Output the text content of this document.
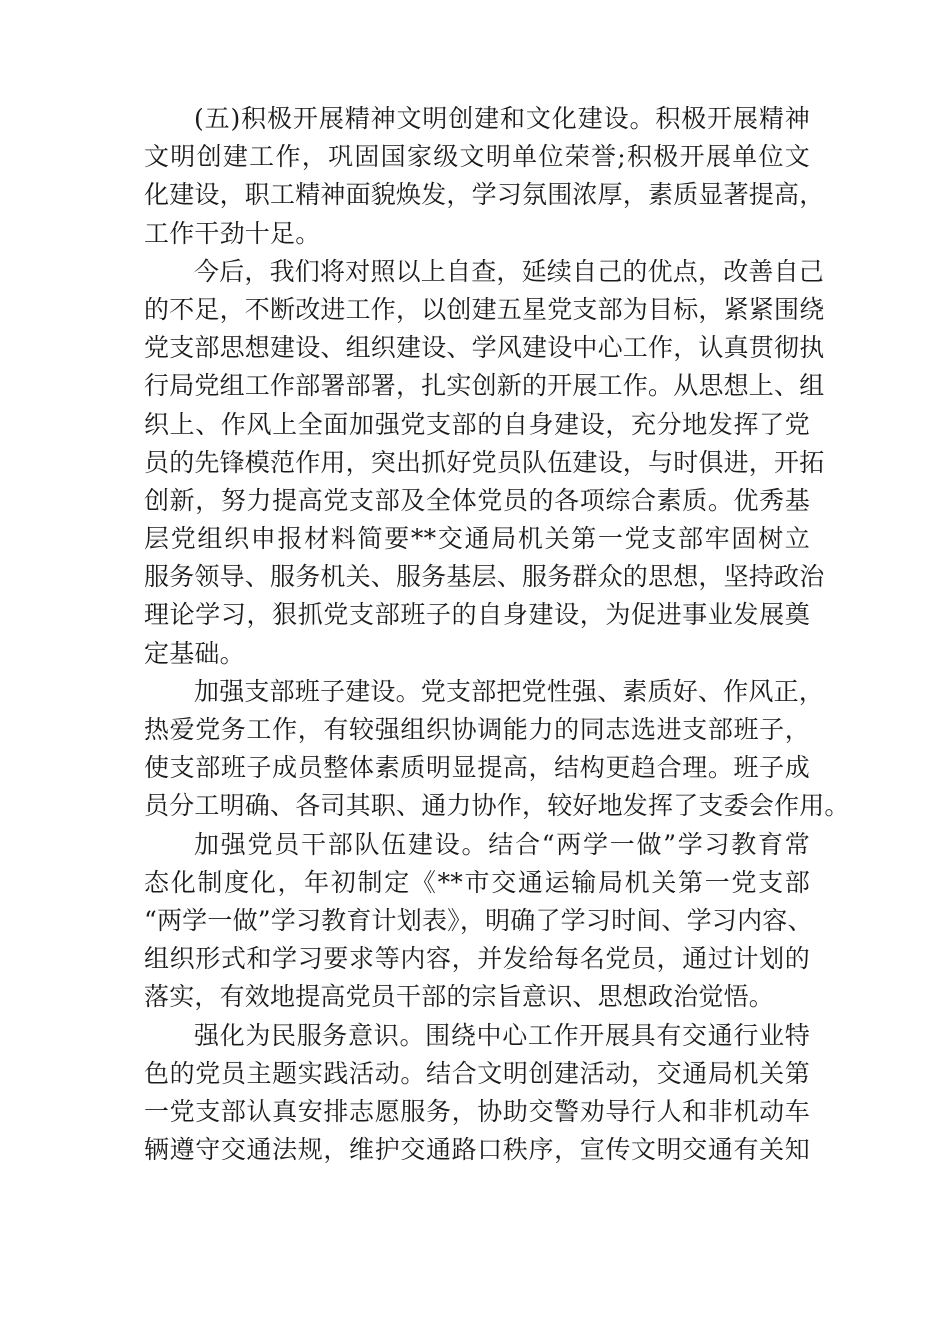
(五)积极开展精神文明创建和文化建设。积极开展精神
文明创建工作，巩固国家级文明单位荣誉;积极开展单位文
化建设，职工精神面貌焕发，学习氛围浓厚，素质显著提高，
工作干劲十足。
今后，我们将对照以上自查，延续自己的优点，改善自己
的不足，不断改进工作，以创建五星党支部为目标，紧紧围绕
党支部思想建设、组织建设、学风建设中心工作，认真贯彻执
行局党组工作部署部署，扎实创新的开展工作。从思想上、组
织上、作风上全面加强党支部的自身建设，充分地发挥了党
员的先锋模范作用，突出抓好党员队伍建设，与时俱进，开拓
创新，努力提高党支部及全体党员的各项综合素质。优秀基
层党组织申报材料简要**交通局机关第一党支部牢固树立
服务领导、服务机关、服务基层、服务群众的思想，坚持政治
理论学习，狠抓党支部班子的自身建设，为促进事业发展奠
定基础。
加强支部班子建设。党支部把党性强、素质好、作风正，
热爱党务工作，有较强组织协调能力的同志选进支部班子，
使支部班子成员整体素质明显提高，结构更趋合理。班子成
员分工明确、各司其职、通力协作，较好地发挥了支委会作用。
加强党员干部队伍建设。结合“两学一做”学习教育常
态化制度化，年初制定《**市交通运输局机关第一党支部
“两学一做”学习教育计划表》，明确了学习时间、学习内容、
组织形式和学习要求等内容，并发给每名党员，通过计划的
落实，有效地提高党员干部的宗旨意识、思想政治觉悟。
强化为民服务意识。围绕中心工作开展具有交通行业特
色的党员主题实践活动。结合文明创建活动，交通局机关第
一党支部认真安排志愿服务，协助交警劝导行人和非机动车
辆遵守交通法规，维护交通路口秩序，宣传文明交通有关知
